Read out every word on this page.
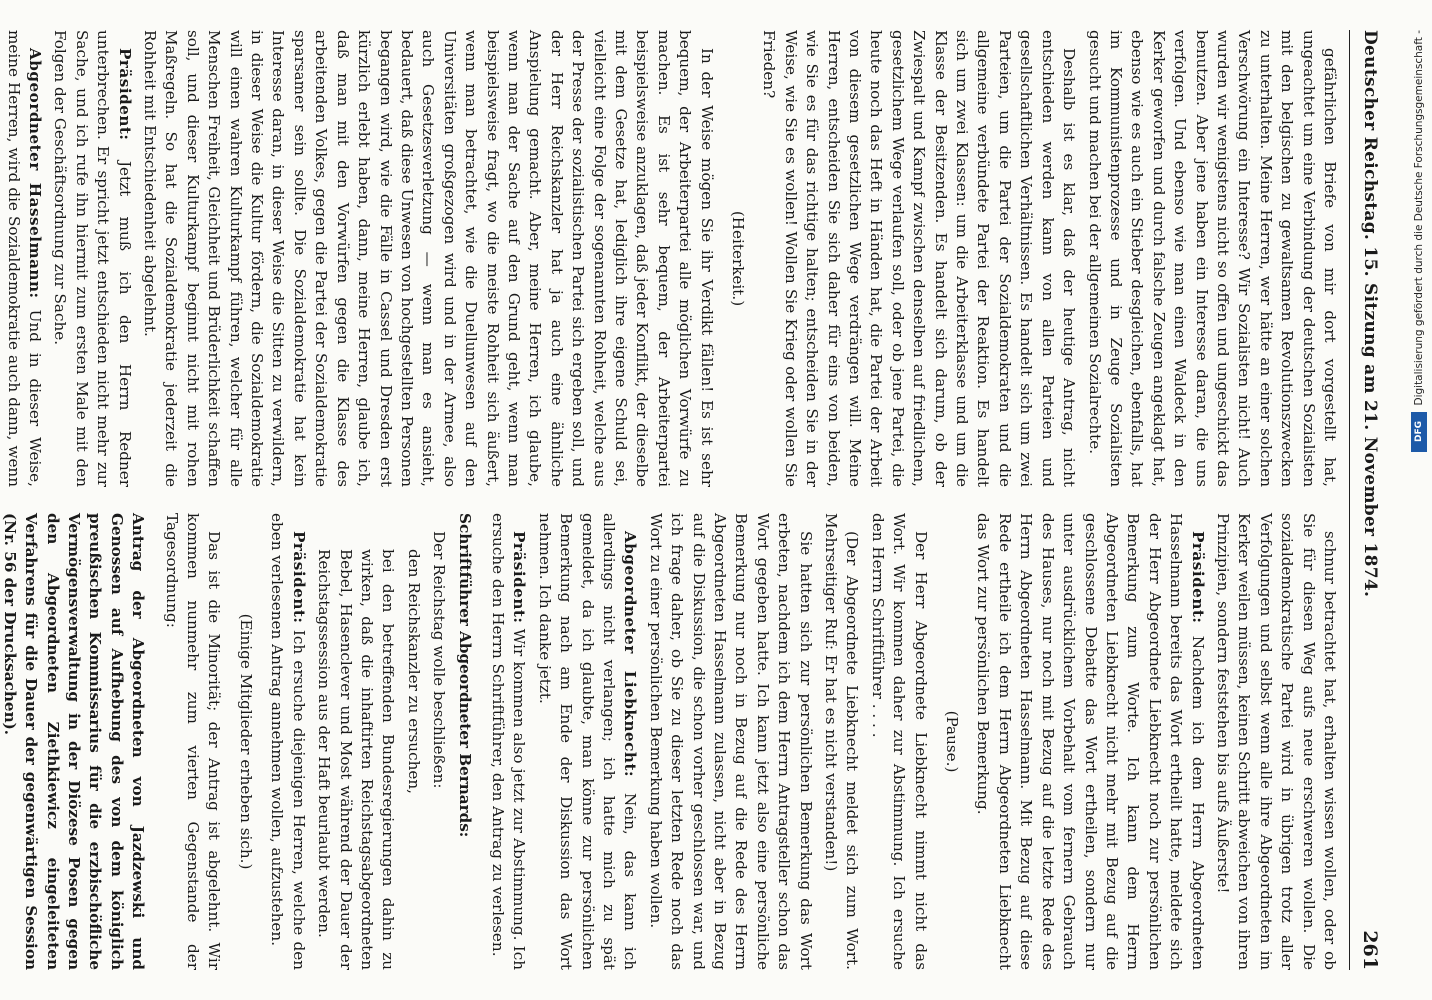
Deutscher Reichstag. 15. Sitzung am 21. November 1874.
261

gefährlichen Briefe von mir dort vorgestellt hat, ungeachtet um eine Verbindung der deutschen Sozialisten mit den belgischen zu gewaltsamen Revolutionszwecken zu unterhalten. Meine Herren, wer hätte an einer solchen Verschwörung ein Interesse? Wir Sozialisten nicht! Auch wurden wir wenigstens nicht so offen und ungeschickt das benutzen. Aber jene haben ein Interesse daran, die uns verfolgen. Und ebenso wie man einen Waldeck in den Kerker geworfen und durch falsche Zeugen angeklagt hat, ebenso wie es auch ein Stieber desgleichen, ebenfalls, hat im Kommunistenprozesse und in Zeuge Sozialisten gesucht und machen bei der allgemeinen Sozialrechte.

Deshalb ist es klar, daß der heutige Antrag, nicht entschieden werden kann von allen Parteien und gesellschaftlichen Verhältnissen. Es handelt sich um zwei Parteien, um die Partei der Sozialdemokraten und die allgemeine verbündete Partei der Reaktion. Es handelt sich um zwei Klassen: um die Arbeiterklasse und um die Klasse der Besitzenden. Es handelt sich darum, ob der Zwiespalt und Kampf zwischen denselben auf friedlichem, gesetzlichem Wege verlaufen soll, oder ob jene Partei, die heute noch das Heft in Händen hat, die Partei der Arbeit von diesem gesetzlichen Wege verdrängen will. Meine Herren, entscheiden Sie sich daher für eins von beiden, wie Sie es für das richtige halten; entscheiden Sie in der Weise, wie Sie es wollen! Wollen Sie Krieg oder wollen Sie Frieden?

(Heiterkeit.)

In der Weise mögen Sie ihr Verdikt fällen! Es ist sehr bequem, der Arbeiterpartei alle möglichen Vorwürfe zu machen. Es ist sehr bequem, der Arbeiterpartei beispielsweise anzuklagen, daß jeder Konflikt, der dieselbe mit dem Gesetze hat, lediglich ihre eigene Schuld sei, vielleicht eine Folge der sogenannten Rohheit, welche aus der Presse der sozialistischen Partei sich ergeben soll, und der Herr Reichskanzler hat ja auch eine ähnliche Anspielung gemacht. Aber, meine Herren, ich glaube, wenn man der Sache auf den Grund geht, wenn man beispielsweise fragt, wo die meiste Rohheit sich äußert, wenn man betrachtet, wie die Duellunwesen auf den Universitäten großgezogen wird und in der Armee, also auch Gesetzesverletzung — wenn man es ansieht, bedauert, daß diese Unwesen von hochgestellten Personen begangen wird, wie die Fälle in Cassel und Dresden erst kürzlich erlebt haben, dann, meine Herren, glaube ich, daß man mit den Vorwürfen gegen die Klasse des arbeitenden Volkes, gegen die Partei der Sozialdemokratie sparsamer sein sollte. Die Sozialdemokratie hat kein Interesse daran, in dieser Weise die Sitten zu verwildern, in dieser Weise die Kultur fördern, die Sozialdemokratie will einen wahren Kulturkampf führen, welcher für alle Menschen Freiheit, Gleichheit und Brüderlichkeit schaffen soll, und dieser Kulturkampf beginnt nicht mit rohen Maßregeln. So hat die Sozialdemokratie jederzeit die Rohheit mit Entschiedenheit abgelehnt.

Präsident: Jetzt muß ich den Herrn Redner unterbrechen. Er spricht jetzt entschieden nicht mehr zur Sache, und ich rufe ihn hiermit zum ersten Male mit den Folgen der Geschäftsordnung zur Sache.

Abgeordneter Hasselmann: Und in dieser Weise, meine Herren, wird die Sozialdemokratie auch dann, wenn

schnur betrachtet hat, erhalten wissen wollen, oder ob Sie für diesen Weg aufs neue erschweren wollen. Die sozialdemokratische Partei wird in übrigen trotz aller Verfolgungen und selbst wenn alle ihre Abgeordneten im Kerker weilen müssen, keinen Schritt abweichen von ihren Prinzipien, sondern feststehen bis aufs Äußerste!

Präsident: Nachdem ich dem Herrn Abgeordneten Hasselmann bereits das Wort ertheilt hatte, meldete sich der Herr Abgeordnete Liebknecht noch zur persönlichen Bemerkung zum Worte. Ich kann dem Herrn Abgeordneten Liebknecht nicht mehr mit Bezug auf die geschlossene Debatte das Wort ertheilen, sondern nur unter ausdrücklichem Vorbehalt vom fernern Gebrauch des Hauses, nur noch mit Bezug auf die letzte Rede des Herrn Abgeordneten Hasselmann. Mit Bezug auf diese Rede ertheile ich dem Herrn Abgeordneten Liebknecht das Wort zur persönlichen Bemerkung.

(Pause.)

Der Herr Abgeordnete Liebknecht nimmt nicht das Wort. Wir kommen daher zur Abstimmung. Ich ersuche den Herrn Schriftführer . . . .

(Der Abgeordnete Liebknecht meldet sich zum Wort. Mehrseitiger Ruf: Er hat es nicht verstanden!)

Sie hatten sich zur persönlichen Bemerkung das Wort erbeten, nachdem ich dem Herrn Antragsteller schon das Wort gegeben hatte. Ich kann jetzt also eine persönliche Bemerkung nur noch in Bezug auf die Rede des Herrn Abgeordneten Hasselmann zulassen, nicht aber in Bezug auf die Diskussion, die schon vorher geschlossen war, und ich frage daher, ob Sie zu dieser letzten Rede noch das Wort zu einer persönlichen Bemerkung haben wollen.

Abgeordneter Liebknecht: Nein, das kann ich allerdings nicht verlangen; ich hatte mich zu spät gemeldet, da ich glaubte, man könne zur persönlichen Bemerkung nach am Ende der Diskussion das Wort nehmen. Ich danke jetzt.

Präsident: Wir kommen also jetzt zur Abstimmung. Ich ersuche den Herrn Schriftführer, den Antrag zu verlesen.

Schriftführer Abgeordneter Bernards:

Der Reichstag wolle beschließen:

den Reichskanzler zu ersuchen,

bei den betreffenden Bundesregierungen dahin zu wirken, daß die inhaftirten Reichstagsabgeordneten Bebel, Hasenclever und Most während der Dauer der Reichstagssession aus der Haft beurlaubt werden.

Präsident: Ich ersuche diejenigen Herren, welche den eben verlesenen Antrag annehmen wollen, aufzustehen.

(Einige Mitglieder erheben sich.)

Das ist die Minorität; der Antrag ist abgelehnt. Wir kommen nunmehr zum vierten Gegenstande der Tagesordnung:

Antrag der Abgeordneten von Jazdzewski und Genossen auf Aufhebung des von dem königlich preußischen Kommissarius für die erzbischöfliche Vermögensverwaltung in der Diözese Posen gegen den Abgeordneten Ziethkiewicz eingeleiteten Verfahrens für die Dauer der gegenwärtigen Session (Nr. 56 der Drucksachen).

Digitalisierung gefördert durch die Deutsche Forschungsgemeinschaft -
DFG
